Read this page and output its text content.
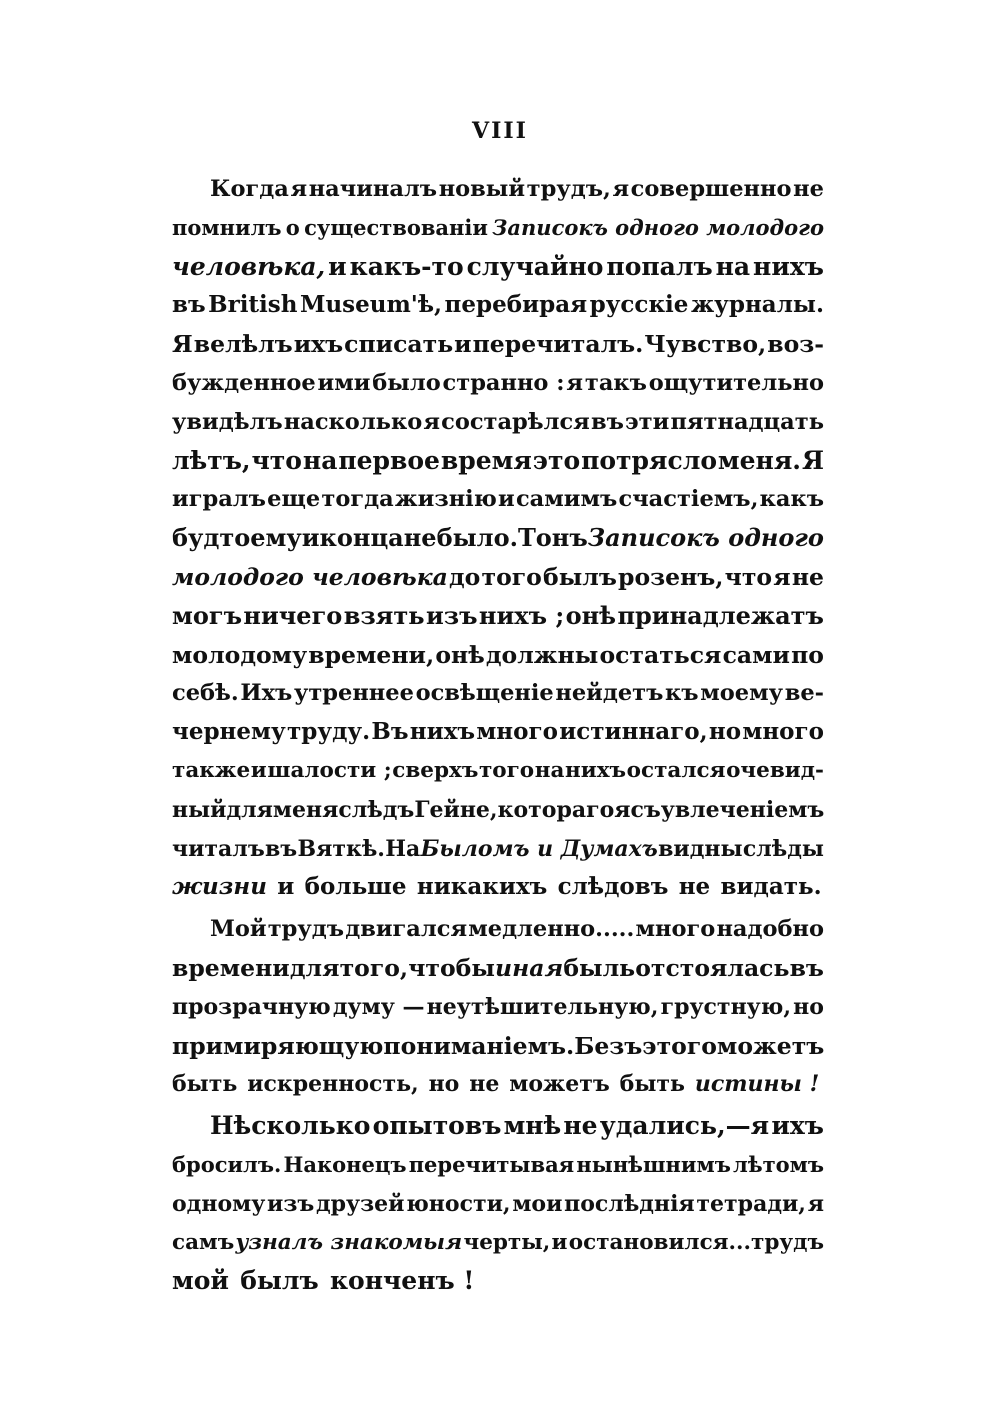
VIII
Когда я начиналъ новый трудъ, я совершенно не
помнилъ о существованіи Записокъ одного молодого
человѣка, и какъ-то случайно попалъ на нихъ
въ British Museum'ѣ, перебирая русскіе журналы.
Я велѣлъ ихъ списать и перечиталъ. Чувство, воз-
бужденное ими было странно : я такъ ощутительно
увидѣлъ насколько я состарѣлся въ эти пятнадцать
лѣтъ, что на первое время это потрясло меня. Я
игралъ еще тогда жизнію и самимъ счастіемъ, какъ
будто ему и конца не было. Тонъ Записокъ одного
молодого человѣка до того былъ розенъ, что я не
могъ ничего взять изъ нихъ ; онѣ принадлежатъ
молодому времени, онѣ должны остаться сами по
себѣ. Ихъ утреннее освѣщеніе нейдетъ къ моему ве-
чернему труду. Въ нихъ много истиннаго, но много
также и шалости ; сверхъ того на нихъ остался очевид-
ный для меня слѣдъ Гейне, котораго я съ увлеченіемъ
читалъ въ Вяткѣ. На Быломъ и Думахъ видны слѣды
жизни и больше никакихъ слѣдовъ не видать.
Мой трудъ двигался медленно..... много надобно
времени для того, чтобы иная быль отстоялась въ
прозрачную думу — неутѣшительную, грустную, но
примиряющую пониманіемъ. Безъ этого можетъ
быть искренность, но не можетъ быть истины !
Нѣсколько опытовъ мнѣ не удались,—я ихъ
бросилъ. Наконецъ перечитывая нынѣшнимъ лѣтомъ
одному изъ друзей юности, мои послѣднія тетради, я
самъ узналъ знакомыя черты, и остановился...трудъ
мой былъ конченъ !
